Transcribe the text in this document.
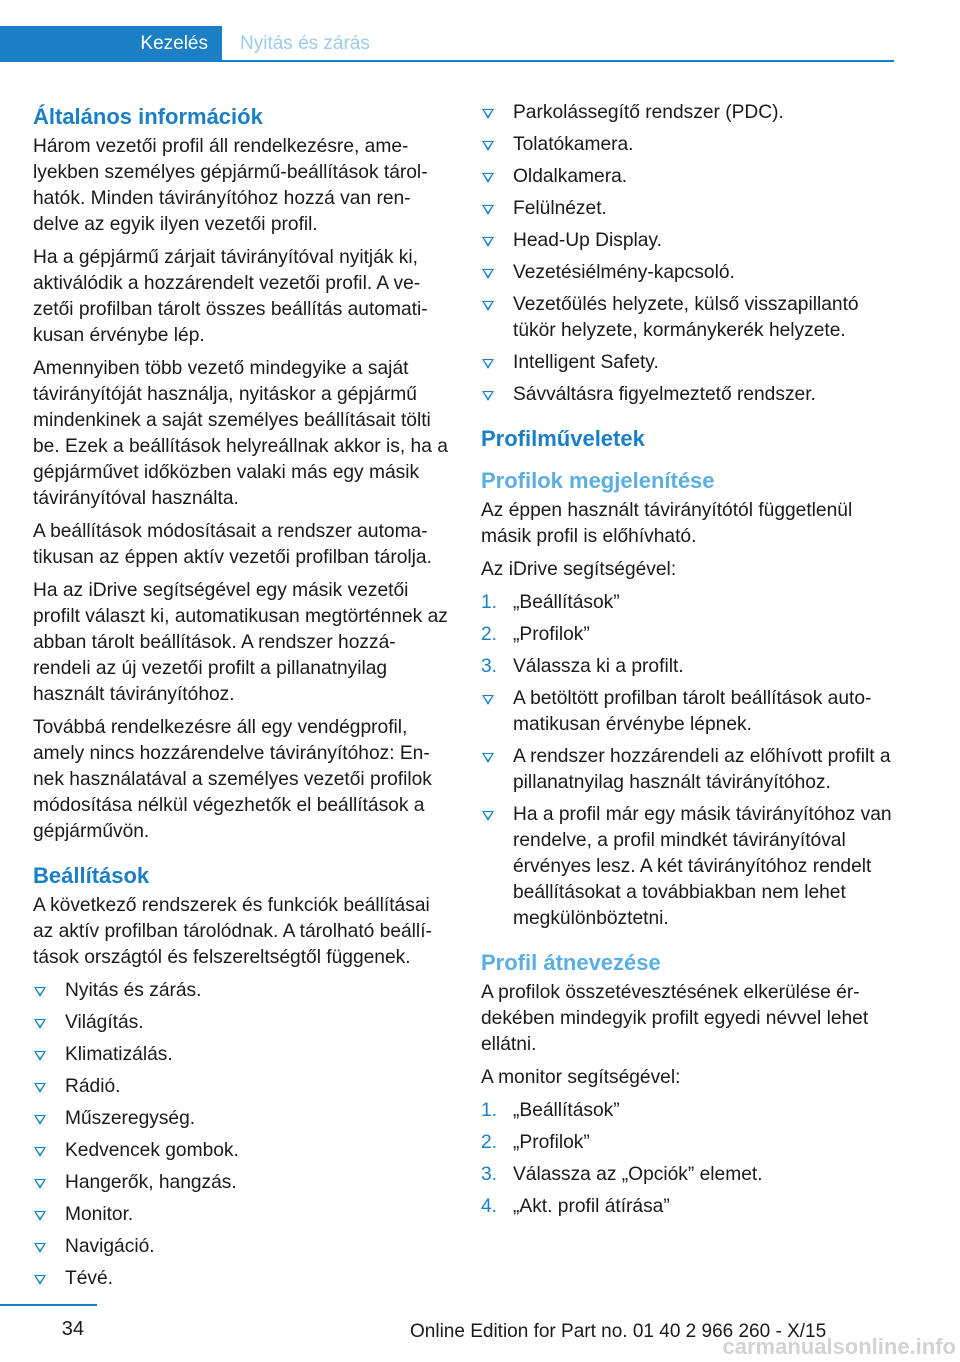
Kezelés Nyitás és zárás
Általános információk

Három vezetői profil áll rendelkezésre, ame‐ lyekben személyes gépjármű-beállítások tárol‐ hatók. Minden távirányítóhoz hozzá van ren‐ delve az egyik ilyen vezetői profil.

Ha a gépjármű zárjait távirányítóval nyitják ki, aktiválódik a hozzárendelt vezetői profil. A ve‐ zetői profilban tárolt összes beállítás automati‐ kusan érvénybe lép.

Amennyiben több vezető mindegyike a saját távirányítóját használja, nyitáskor a gépjármű mindenkinek a saját személyes beállításait tölti be. Ezek a beállítások helyreállnak akkor is, ha a gépjárművet időközben valaki más egy másik távirányítóval használta.

A beállítások módosításait a rendszer automa‐ tikusan az éppen aktív vezetői profilban tárolja.

Ha az iDrive segítségével egy másik vezetői profilt választ ki, automatikusan megtörténnek az abban tárolt beállítások. A rendszer hozzá‐ rendeli az új vezetői profilt a pillanatnyilag használt távirányítóhoz.

Továbbá rendelkezésre áll egy vendégprofil, amely nincs hozzárendelve távirányítóhoz: En‐ nek használatával a személyes vezetői profilok módosítása nélkül végezhetők el beállítások a gépjárművön.

Beállítások

A következő rendszerek és funkciók beállításai az aktív profilban tárolódnak. A tárolható beállí‐ tások országtól és felszereltségtől függenek.

Nyitás és zárás.
Világítás.
Klimatizálás.
Rádió.
Műszeregység.
Kedvencek gombok.
Hangerők, hangzás.
Monitor.
Navigáció.
Tévé.
Parkolássegítő rendszer (PDC).
Tolatókamera.
Oldalkamera.
Felülnézet.
Head-Up Display.
Vezetésiélmény-kapcsoló.
Vezetőülés helyzete, külső visszapillantó tükör helyzete, kormánykerék helyzete.
Intelligent Safety.
Sávváltásra figyelmeztető rendszer.
Profilműveletek
Profilok megjelenítése

Az éppen használt távirányítótól függetlenül másik profil is előhívható.

Az iDrive segítségével:

1. „Beállítások”
2. „Profilok”
3. Válassza ki a profilt.
A betöltött profilban tárolt beállítások auto‐ matikusan érvénybe lépnek.
A rendszer hozzárendeli az előhívott profilt a pillanatnyilag használt távirányítóhoz.
Ha a profil már egy másik távirányítóhoz van rendelve, a profil mindkét távirányítóval érvényes lesz. A két távirányítóhoz rendelt beállításokat a továbbiakban nem lehet megkülönböztetni.
Profil átnevezése

A profilok összetévesztésének elkerülése ér‐ dekében mindegyik profilt egyedi névvel lehet ellátni.

A monitor segítségével:

1. „Beállítások”
2. „Profilok”
3. Válassza az „Opciók” elemet.
4. „Akt. profil átírása”
34	Online Edition for Part no. 01 40 2 966 260 - X/15
carmanualsonline.info
